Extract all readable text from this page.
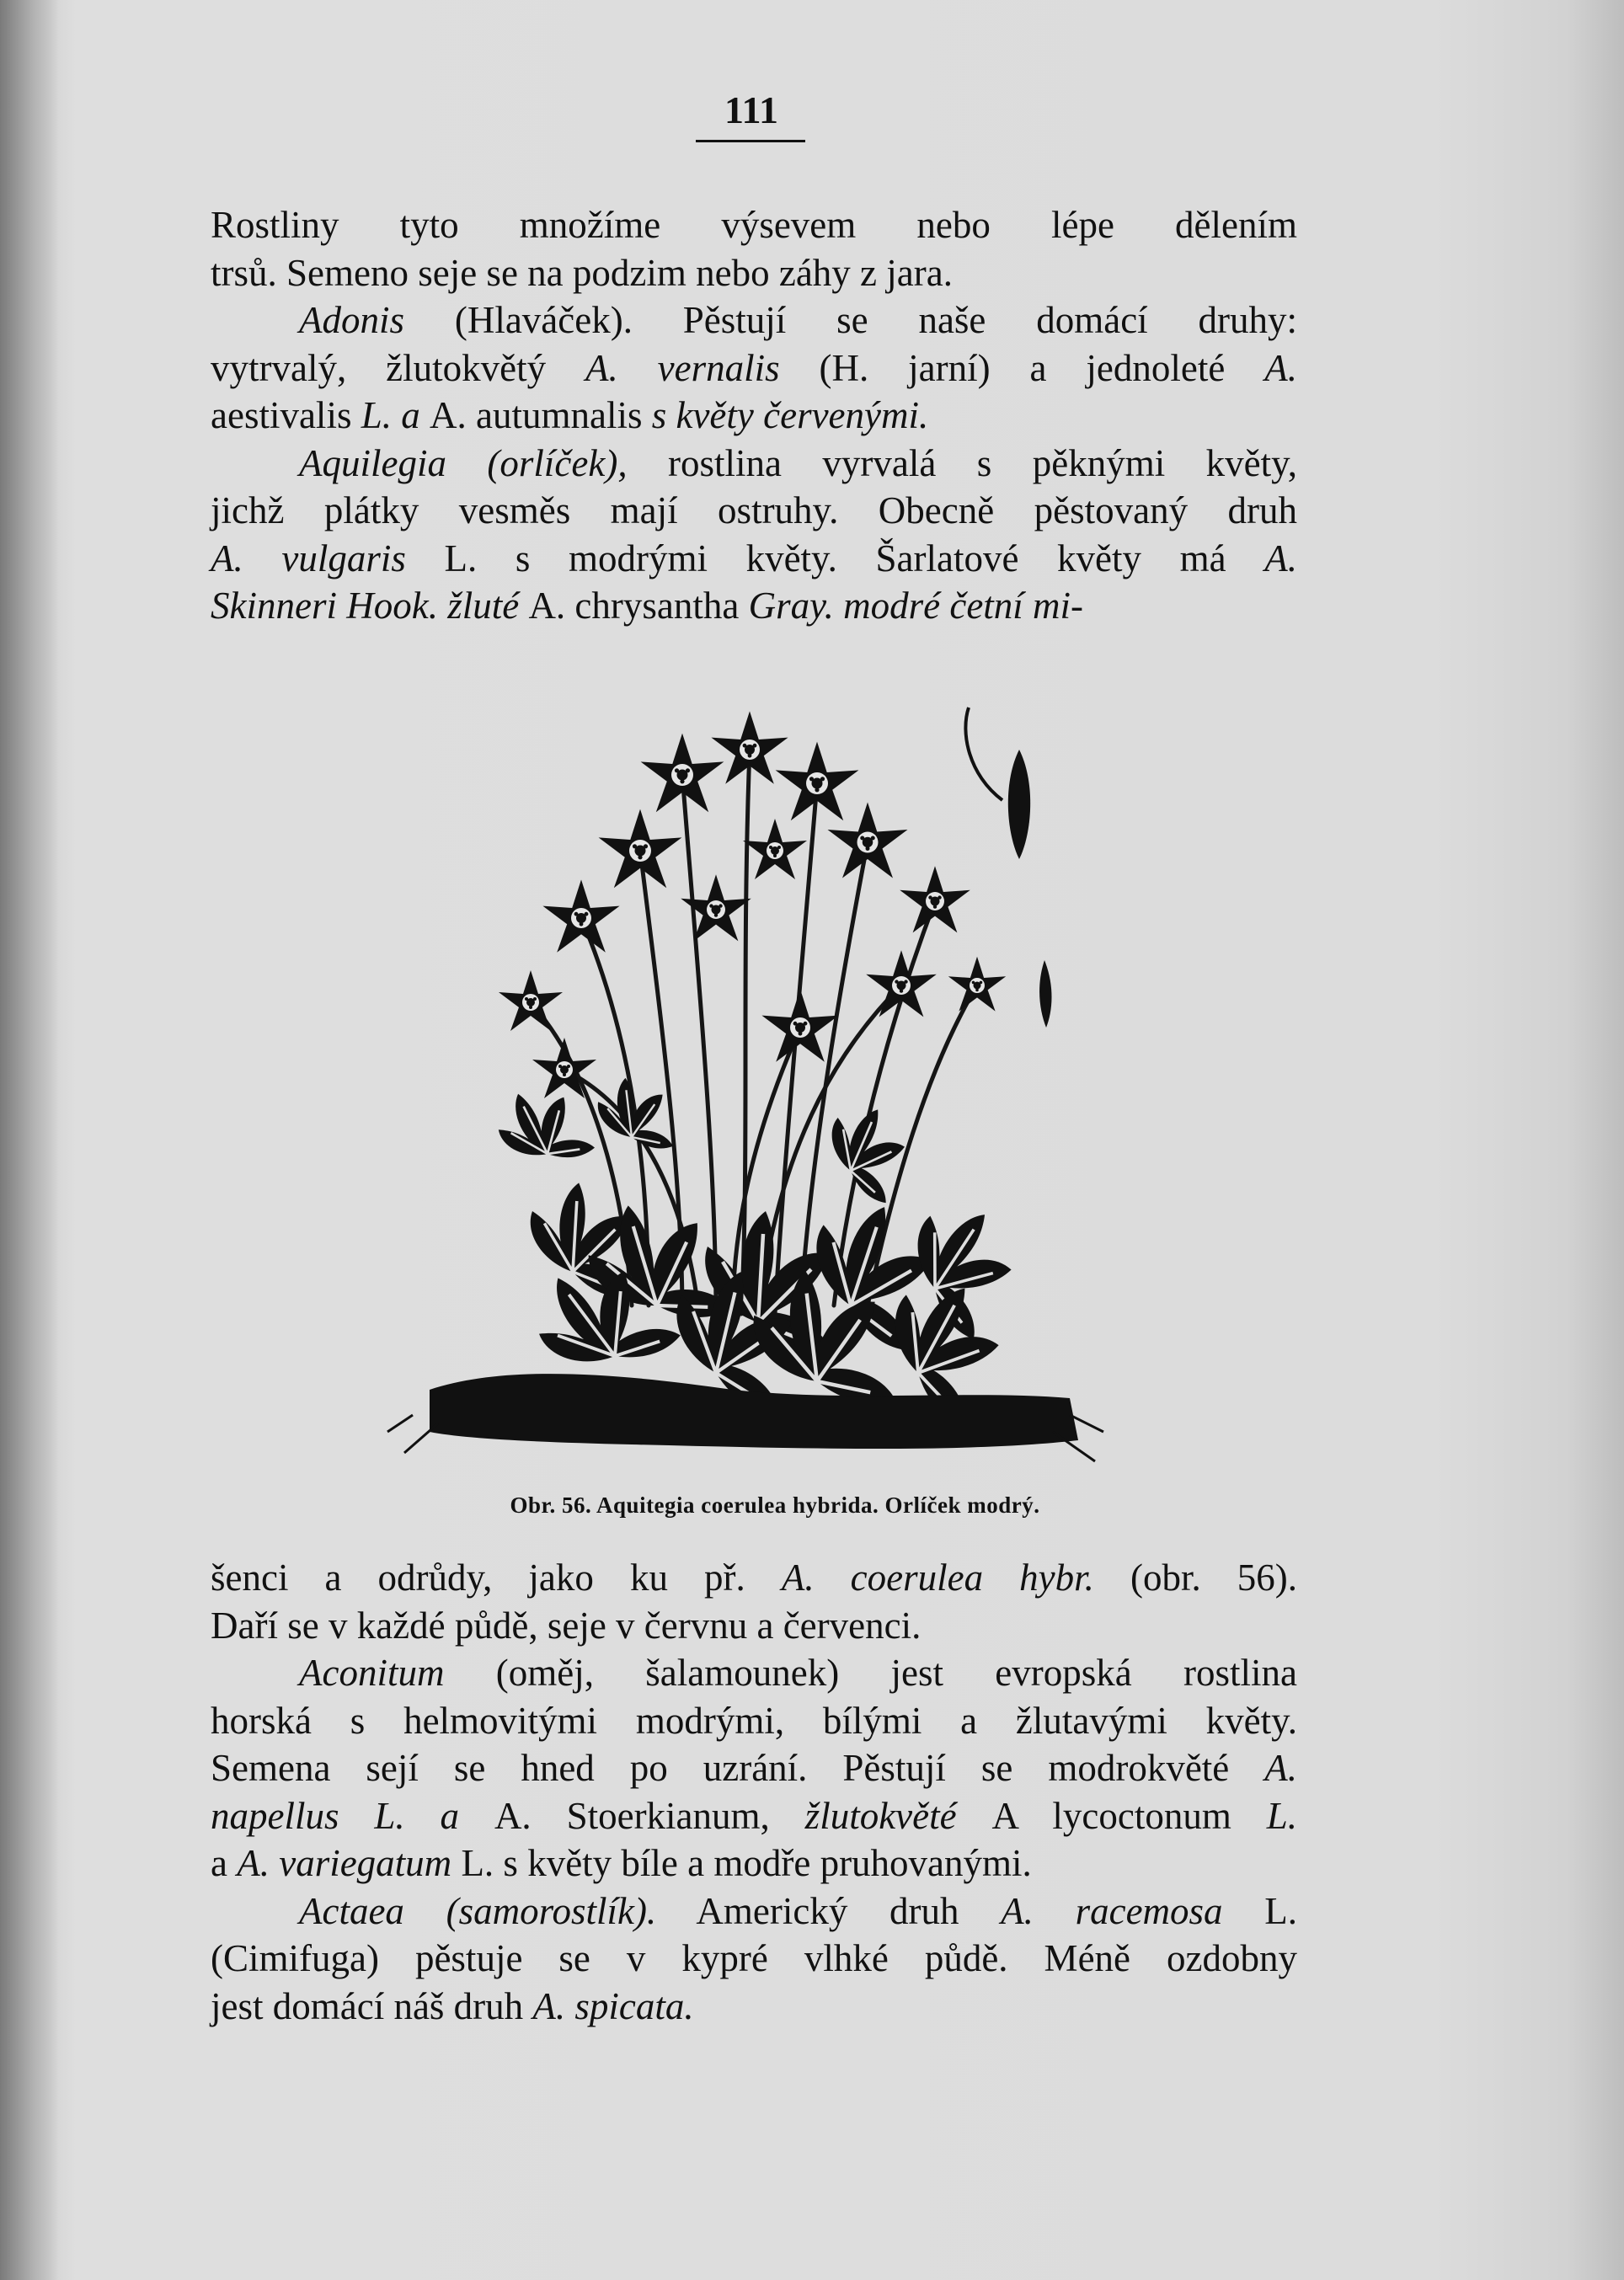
111

Rostliny tyto množíme výsevem nebo lépe dělením
trsů. Semeno seje se na podzim nebo záhy z jara.

Adonis (Hlaváček). Pěstují se naše domácí druhy:
vytrvalý, žlutokvětý A. vernalis (H. jarní) a jednoleté A.
aestivalis L. a A. autumnalis s květy červenými.

Aquilegia (orlíček), rostlina vyrvalá s pěknými květy,
jichž plátky vesměs mají ostruhy. Obecně pěstovaný druh
A. vulgaris L. s modrými květy. Šarlatové květy má A.
Skinneri Hook. žluté A. chrysantha Gray. modré četní mi-

Obr. 56. Aquitegia coerulea hybrida. Orlíček modrý.

šenci a odrůdy, jako ku př. A. coerulea hybr. (obr. 56).
Daří se v každé půdě, seje v červnu a červenci.

Aconitum (oměj, šalamounek) jest evropská rostlina
horská s helmovitými modrými, bílými a žlutavými květy.
Semena sejí se hned po uzrání. Pěstují se modrokvěté A.
napellus L. a A. Stoerkianum, žlutokvěté A lycoctonum L.
a A. variegatum L. s květy bíle a modře pruhovanými.

Actaea (samorostlík). Americký druh A. racemosa L.
(Cimifuga) pěstuje se v kypré vlhké půdě. Méně ozdobny
jest domácí náš druh A. spicata.
